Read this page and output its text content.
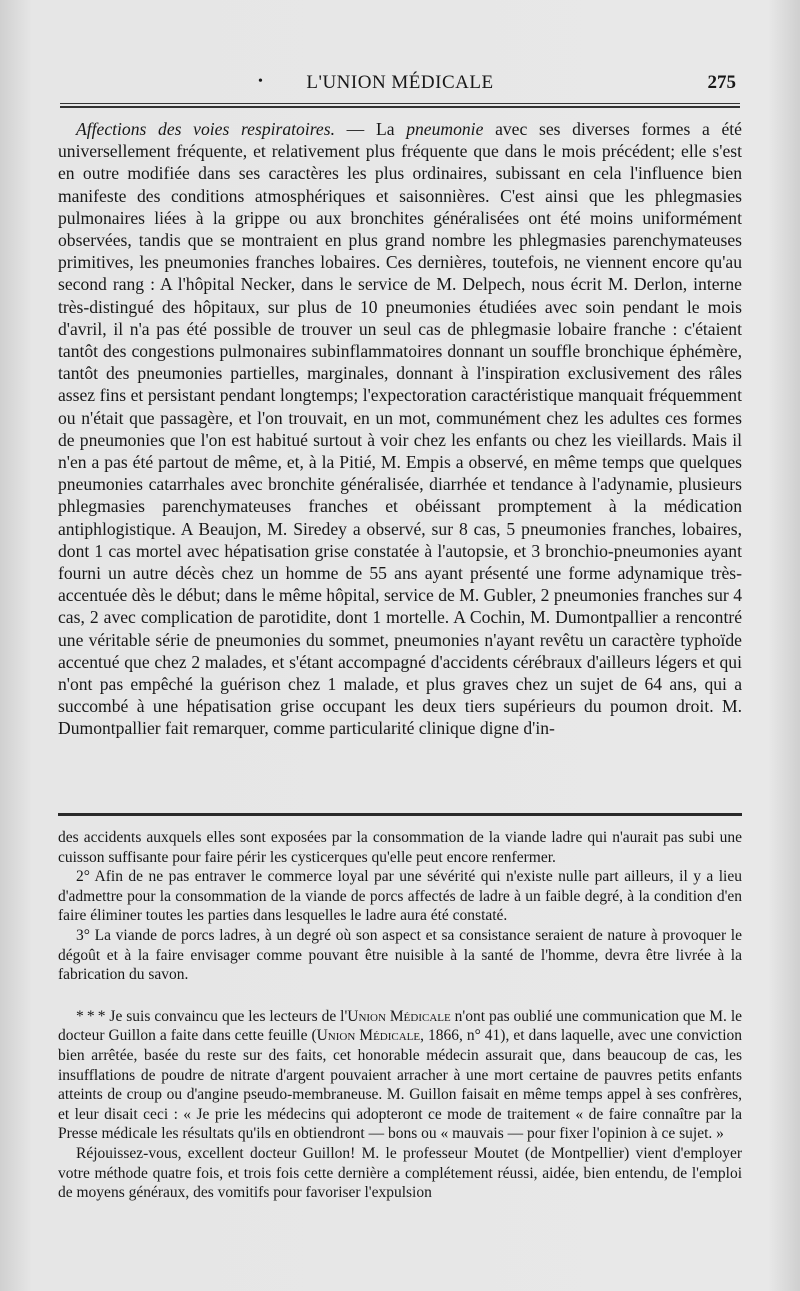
•	L'UNION MÉDICALE	275

Affections des voies respiratoires. — La pneumonie avec ses diverses formes a été universellement fréquente, et relativement plus fréquente que dans le mois précédent; elle s'est en outre modifiée dans ses caractères les plus ordinaires, subissant en cela l'influence bien manifeste des conditions atmosphériques et saisonnières. C'est ainsi que les phlegmasies pulmonaires liées à la grippe ou aux bronchites généralisées ont été moins uniformément observées, tandis que se montraient en plus grand nombre les phlegmasies parenchymateuses primitives, les pneumonies franches lobaires. Ces dernières, toutefois, ne viennent encore qu'au second rang : A l'hôpital Necker, dans le service de M. Delpech, nous écrit M. Derlon, interne très-distingué des hôpitaux, sur plus de 10 pneumonies étudiées avec soin pendant le mois d'avril, il n'a pas été possible de trouver un seul cas de phlegmasie lobaire franche : c'étaient tantôt des congestions pulmonaires subinflammatoires donnant un souffle bronchique éphémère, tantôt des pneumonies partielles, marginales, donnant à l'inspiration exclusivement des râles assez fins et persistant pendant longtemps; l'expectoration caractéristique manquait fréquemment ou n'était que passagère, et l'on trouvait, en un mot, communément chez les adultes ces formes de pneumonies que l'on est habitué surtout à voir chez les enfants ou chez les vieillards. Mais il n'en a pas été partout de même, et, à la Pitié, M. Empis a observé, en même temps que quelques pneumonies catarrhales avec bronchite généralisée, diarrhée et tendance à l'adynamie, plusieurs phlegmasies parenchymateuses franches et obéissant promptement à la médication antiphlogistique. A Beaujon, M. Siredey a observé, sur 8 cas, 5 pneumonies franches, lobaires, dont 1 cas mortel avec hépatisation grise constatée à l'autopsie, et 3 bronchio-pneumonies ayant fourni un autre décès chez un homme de 55 ans ayant présenté une forme adynamique très-accentuée dès le début; dans le même hôpital, service de M. Gubler, 2 pneumonies franches sur 4 cas, 2 avec complication de parotidite, dont 1 mortelle. A Cochin, M. Dumontpallier a rencontré une véritable série de pneumonies du sommet, pneumonies n'ayant revêtu un caractère typhoïde accentué que chez 2 malades, et s'étant accompagné d'accidents cérébraux d'ailleurs légers et qui n'ont pas empêché la guérison chez 1 malade, et plus graves chez un sujet de 64 ans, qui a succombé à une hépatisation grise occupant les deux tiers supérieurs du poumon droit. M. Dumontpallier fait remarquer, comme particularité clinique digne d'in-

des accidents auxquels elles sont exposées par la consommation de la viande ladre qui n'aurait pas subi une cuisson suffisante pour faire périr les cysticerques qu'elle peut encore renfermer.

2° Afin de ne pas entraver le commerce loyal par une sévérité qui n'existe nulle part ailleurs, il y a lieu d'admettre pour la consommation de la viande de porcs affectés de ladre à un faible degré, à la condition d'en faire éliminer toutes les parties dans lesquelles le ladre aura été constaté.

3° La viande de porcs ladres, à un degré où son aspect et sa consistance seraient de nature à provoquer le dégoût et à la faire envisager comme pouvant être nuisible à la santé de l'homme, devra être livrée à la fabrication du savon.

* * * Je suis convaincu que les lecteurs de l'Union Médicale n'ont pas oublié une communication que M. le docteur Guillon a faite dans cette feuille (Union Médicale, 1866, n° 41), et dans laquelle, avec une conviction bien arrêtée, basée du reste sur des faits, cet honorable médecin assurait que, dans beaucoup de cas, les insufflations de poudre de nitrate d'argent pouvaient arracher à une mort certaine de pauvres petits enfants atteints de croup ou d'angine pseudo-membraneuse. M. Guillon faisait en même temps appel à ses confrères, et leur disait ceci : « Je prie les médecins qui adopteront ce mode de traitement « de faire connaître par la Presse médicale les résultats qu'ils en obtiendront — bons ou « mauvais — pour fixer l'opinion à ce sujet. »

Réjouissez-vous, excellent docteur Guillon! M. le professeur Moutet (de Montpellier) vient d'employer votre méthode quatre fois, et trois fois cette dernière a complétement réussi, aidée, bien entendu, de l'emploi de moyens généraux, des vomitifs pour favoriser l'expulsion
